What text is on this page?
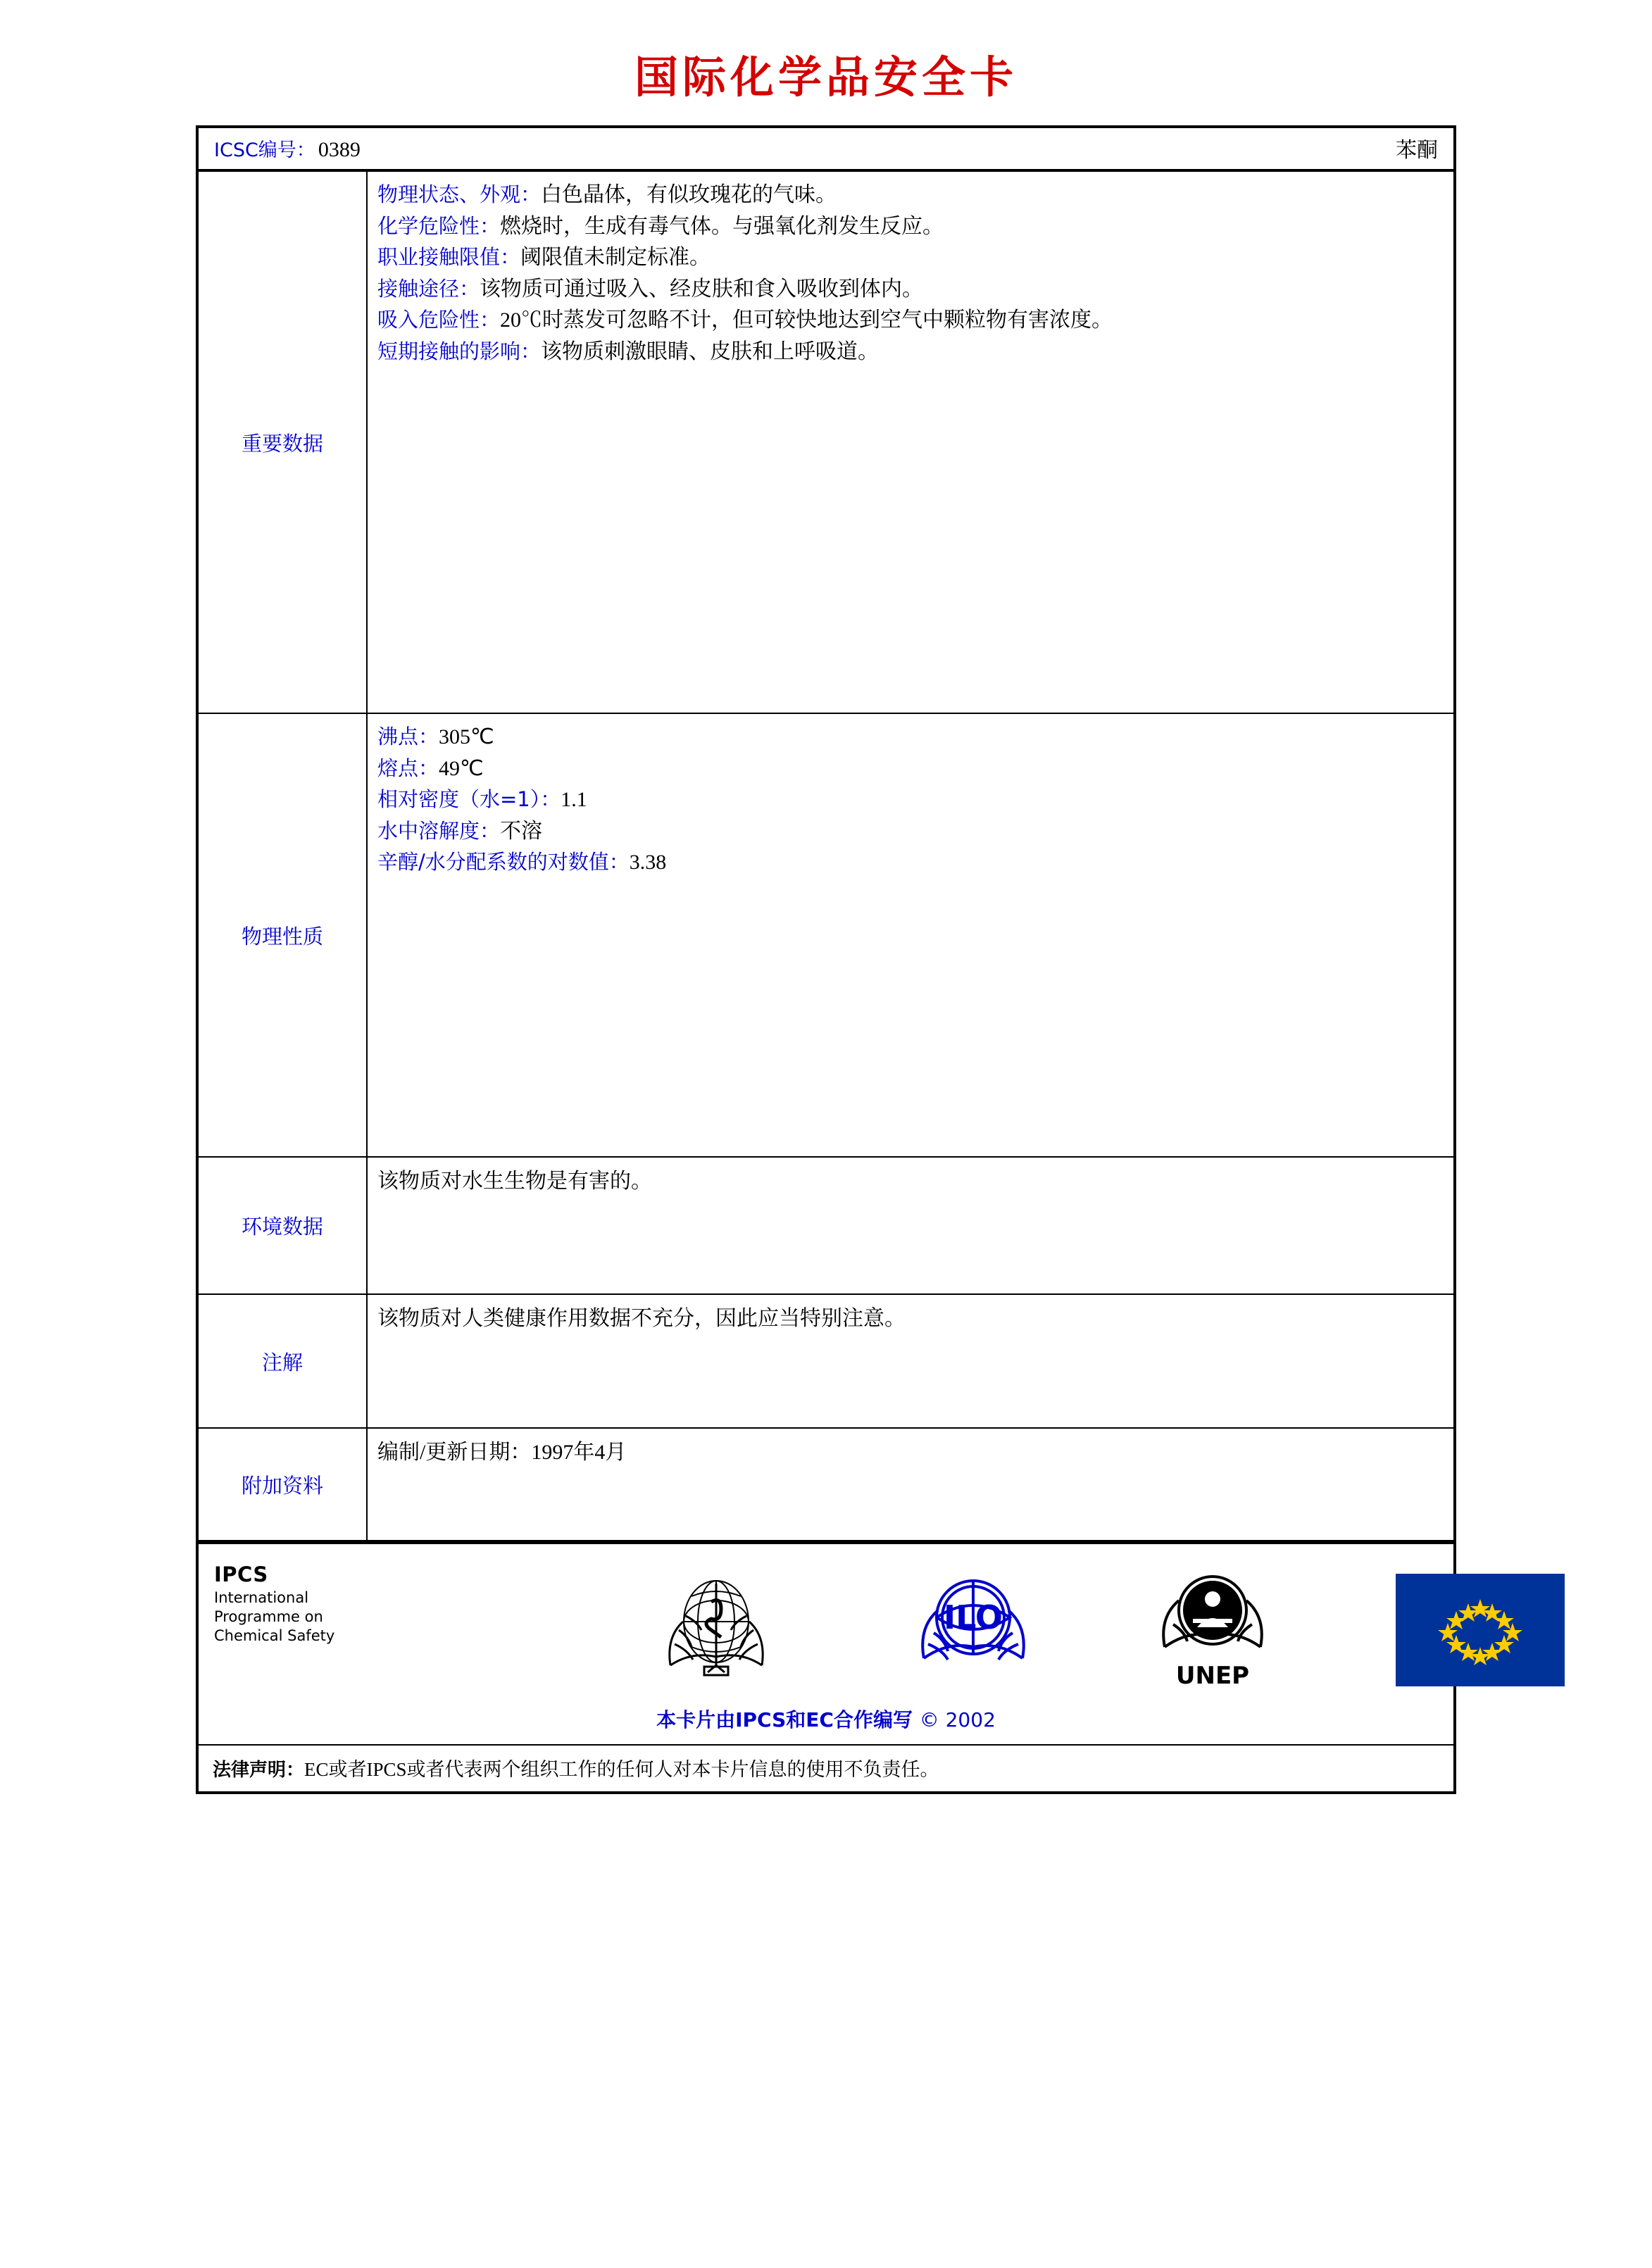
国际化学品安全卡
ICSC编号： 0389	苯酮
重要数据
物理状态、外观：白色晶体，有似玫瑰花的气味。
化学危险性：燃烧时，生成有毒气体。与强氧化剂发生反应。
职业接触限值：阈限值未制定标准。
接触途径：该物质可通过吸入、经皮肤和食入吸收到体内。
吸入危险性：20℃时蒸发可忽略不计，但可较快地达到空气中颗粒物有害浓度。
短期接触的影响：该物质刺激眼睛、皮肤和上呼吸道。
物理性质
沸点：305℃
熔点：49℃
相对密度（水=1）：1.1
水中溶解度：不溶
辛醇/水分配系数的对数值：3.38
环境数据
该物质对水生生物是有害的。
注解
该物质对人类健康作用数据不充分，因此应当特别注意。
附加资料
编制/更新日期：1997年4月
IPCS
International
Programme on
Chemical Safety	ILO
UNEP
本卡片由IPCS和EC合作编写 © 2002
法律声明：EC或者IPCS或者代表两个组织工作的任何人对本卡片信息的使用不负责任。
